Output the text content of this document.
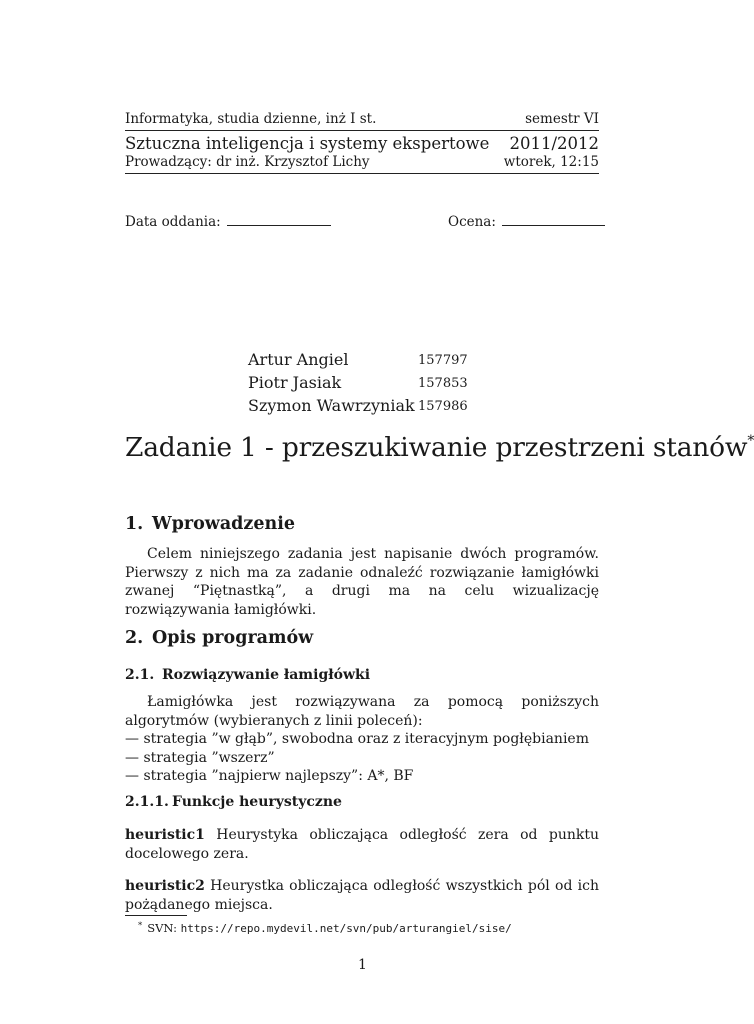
Informatyka, studia dzienne, inż I st.	semestr VI
Sztuczna inteligencja i systemy ekspertowe 2011/2012
Prowadzący: dr inż. Krzysztof Lichy	wtorek, 12:15
Data oddania:	Ocena:
Artur Angiel	157797
Piotr Jasiak	157853
Szymon Wawrzyniak 157986
Zadanie 1 - przeszukiwanie przestrzeni stanów*
1. Wprowadzenie
Celem niniejszego zadania jest napisanie dwóch programów. Pierwszy z nich ma za zadanie odnaleźć rozwiązanie łamigłówki zwanej “Piętnastką”, a drugi ma na celu wizualizację rozwiązywania łamigłówki.
2. Opis programów
2.1. Rozwiązywanie łamigłówki
Łamigłówka jest rozwiązywana za pomocą poniższych algorytmów (wybieranych z linii poleceń):
— strategia ”w głąb”, swobodna oraz z iteracyjnym pogłębianiem
— strategia ”wszerz”
— strategia ”najpierw najlepszy”: A*, BF
2.1.1. Funkcje heurystyczne
heuristic1 Heurystyka obliczająca odległość zera od punktu docelowego zera.
heuristic2 Heurystka obliczająca odległość wszystkich pól od ich pożądanego miejsca.
* SVN: https://repo.mydevil.net/svn/pub/arturangiel/sise/
1
